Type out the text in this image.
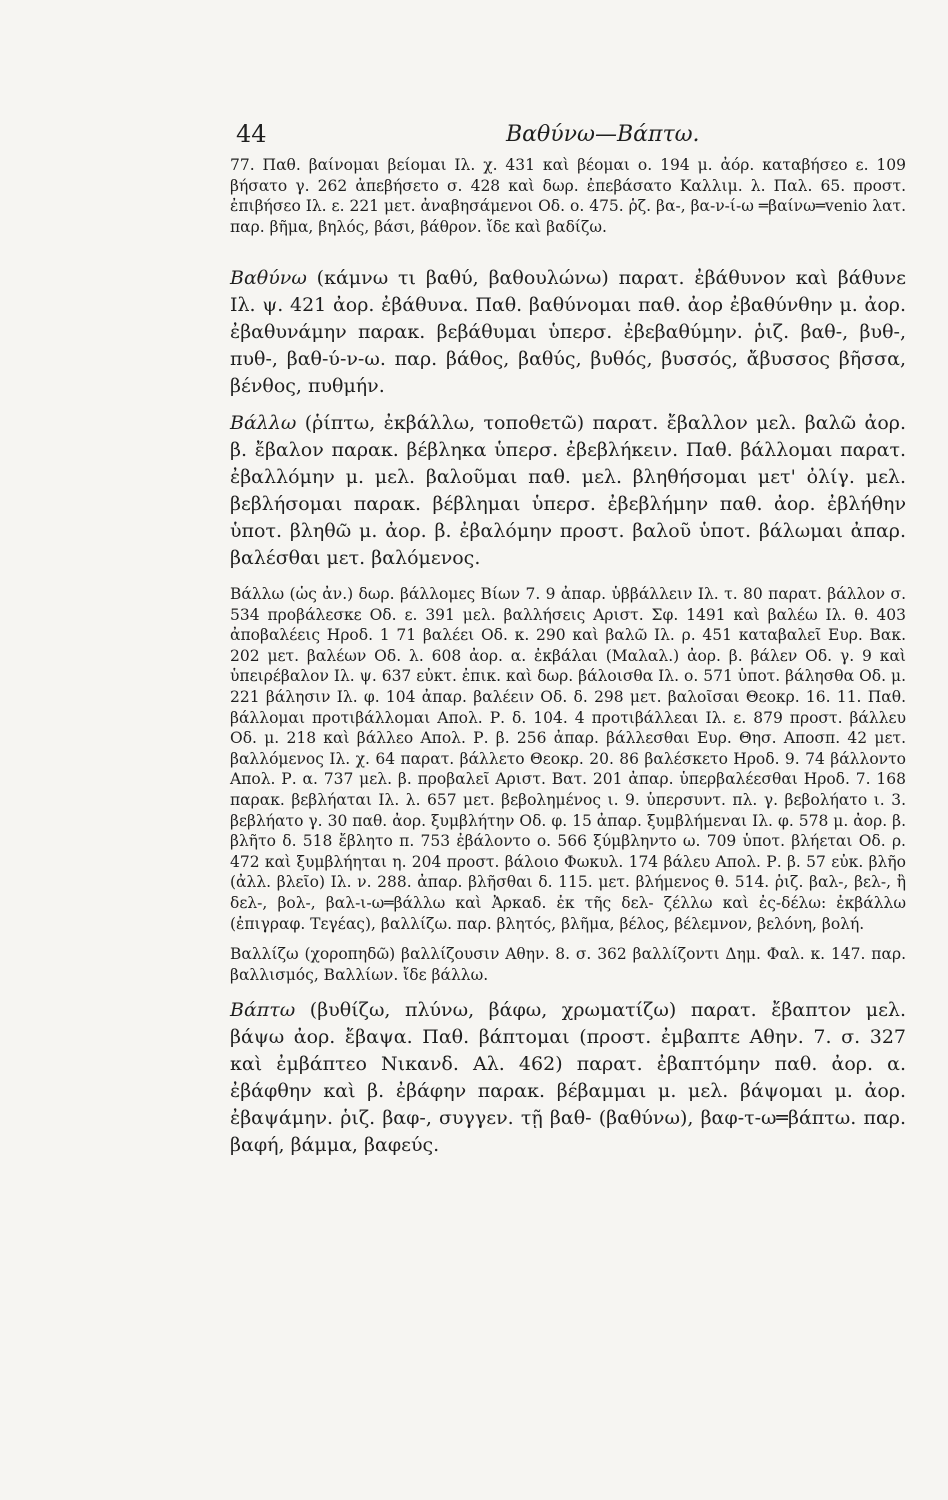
44	Βαθύνω—Βάπτω.

77. Παθ. βαίνομαι βείομαι Ιλ. χ. 431 καὶ βέομαι ο. 194 μ. ἀόρ. καταβήσεο ε. 109 βήσατο γ. 262 ἀπεβήσετο σ. 428 καὶ δωρ. ἐπεβάσατο Καλλιμ. λ. Παλ. 65. προστ. ἐπιβήσεο Ιλ. ε. 221 μετ. ἀναβησάμενοι Οδ. ο. 475. ῥζ. βα-, βα-ν-ί-ω ═βαίνω═venio λατ. παρ. βῆμα, βηλός, βάσι, βάθρον. ἴδε καὶ βαδίζω.

Βαθύνω (κάμνω τι βαθύ, βαθουλώνω) παρατ. ἐβάθυνον καὶ βάθυνε Ιλ. ψ. 421 ἀορ. ἐβάθυνα. Παθ. βαθύνομαι παθ. ἀορ ἐβαθύνθην μ. ἀορ. ἐβαθυνάμην παρακ. βεβάθυμαι ὑπερσ. ἐβεβαθύμην. ῥιζ. βαθ-, βυθ-, πυθ-, βαθ-ύ-ν-ω. παρ. βάθος, βαθύς, βυθός, βυσσός, ἄβυσσος βῆσσα, βένθος, πυθμήν.

Βάλλω (ῥίπτω, ἐκβάλλω, τοποθετῶ) παρατ. ἔβαλλον μελ. βαλῶ ἀορ. β. ἔβαλον παρακ. βέβληκα ὑπερσ. ἐβεβλήκειν. Παθ. βάλλομαι παρατ. ἐβαλλόμην μ. μελ. βαλοῦμαι παθ. μελ. βληθήσομαι μετ' ὀλίγ. μελ. βεβλήσομαι παρακ. βέβλημαι ὑπερσ. ἐβεβλήμην παθ. ἀορ. ἐβλήθην ὑποτ. βληθῶ μ. ἀορ. β. ἐβαλόμην προστ. βαλοῦ ὑποτ. βάλωμαι ἀπαρ. βαλέσθαι μετ. βαλόμενος.

Βάλλω (ὡς ἀν.) δωρ. βάλλομες Βίων 7. 9 ἀπαρ. ὑββάλλειν Ιλ. τ. 80 παρατ. βάλλον σ. 534 προβάλεσκε Οδ. ε. 391 μελ. βαλλήσεις Αριστ. Σφ. 1491 καὶ βαλέω Ιλ. θ. 403 ἀποβαλέεις Ηροδ. 1 71 βαλέει Οδ. κ. 290 καὶ βαλῶ Ιλ. ρ. 451 καταβαλεῖ Ευρ. Βακ. 202 μετ. βαλέων Οδ. λ. 608 ἀορ. α. ἐκβάλαι (Μαλαλ.) ἀορ. β. βάλεν Οδ. γ. 9 καὶ ὑπειρέβαλον Ιλ. ψ. 637 εὐκτ. ἐπικ. καὶ δωρ. βάλοισθα Ιλ. ο. 571 ὑποτ. βάλησθα Οδ. μ. 221 βάλησιν Ιλ. φ. 104 ἀπαρ. βαλέειν Οδ. δ. 298 μετ. βαλοῖσαι Θεοκρ. 16. 11. Παθ. βάλλομαι προτιβάλλομαι Απολ. Ρ. δ. 104. 4 προτιβάλλεαι Ιλ. ε. 879 προστ. βάλλευ Οδ. μ. 218 καὶ βάλλεο Απολ. Ρ. β. 256 ἀπαρ. βάλλεσθαι Ευρ. Θησ. Αποσπ. 42 μετ. βαλλόμενος Ιλ. χ. 64 παρατ. βάλλετο Θεοκρ. 20. 86 βαλέσκετο Ηροδ. 9. 74 βάλλοντο Απολ. Ρ. α. 737 μελ. β. προβαλεῖ Αριστ. Βατ. 201 ἀπαρ. ὑπερβαλέεσθαι Ηροδ. 7. 168 παρακ. βεβλήαται Ιλ. λ. 657 μετ. βεβολημένος ι. 9. ὑπερσυντ. πλ. γ. βεβολήατο ι. 3. βεβλήατο γ. 30 παθ. ἀορ. ξυμβλήτην Οδ. φ. 15 ἀπαρ. ξυμβλήμεναι Ιλ. φ. 578 μ. ἀορ. β. βλῆτο δ. 518 ἔβλητο π. 753 ἐβάλοντο ο. 566 ξύμβληντο ω. 709 ὑποτ. βλήεται Οδ. ρ. 472 καὶ ξυμβλήηται η. 204 προστ. βάλοιο Φωκυλ. 174 βάλευ Απολ. Ρ. β. 57 εὐκ. βλῆο (ἀλλ. βλεῖο) Ιλ. ν. 288. ἀπαρ. βλῆσθαι δ. 115. μετ. βλήμενος θ. 514. ῥιζ. βαλ-, βελ-, ἢ δελ-, βολ-, βαλ-ι-ω═βάλλω καὶ Ἀρκαδ. ἐκ τῆς δελ- ζέλλω καὶ ἐς-δέλω: ἐκβάλλω (ἐπιγραφ. Τεγέας), βαλλίζω. παρ. βλητός, βλῆμα, βέλος, βέλεμνον, βελόνη, βολή.

Βαλλίζω (χοροπηδῶ) βαλλίζουσιν Αθην. 8. σ. 362 βαλλίζοντι Δημ. Φαλ. κ. 147. παρ. βαλλισμός, Βαλλίων. ἴδε βάλλω.

Βάπτω (βυθίζω, πλύνω, βάφω, χρωματίζω) παρατ. ἔβαπτον μελ. βάψω ἀορ. ἔβαψα. Παθ. βάπτομαι (προστ. ἐμβαπτε Αθην. 7. σ. 327 καὶ ἐμβάπτεο Νικανδ. Αλ. 462) παρατ. ἐβαπτόμην παθ. ἀορ. α. ἐβάφθην καὶ β. ἐβάφην παρακ. βέβαμμαι μ. μελ. βάψομαι μ. ἀορ. ἐβαψάμην. ῥιζ. βαφ-, συγγεν. τῇ βαθ- (βαθύνω), βαφ-τ-ω═βάπτω. παρ. βαφή, βάμμα, βαφεύς.
